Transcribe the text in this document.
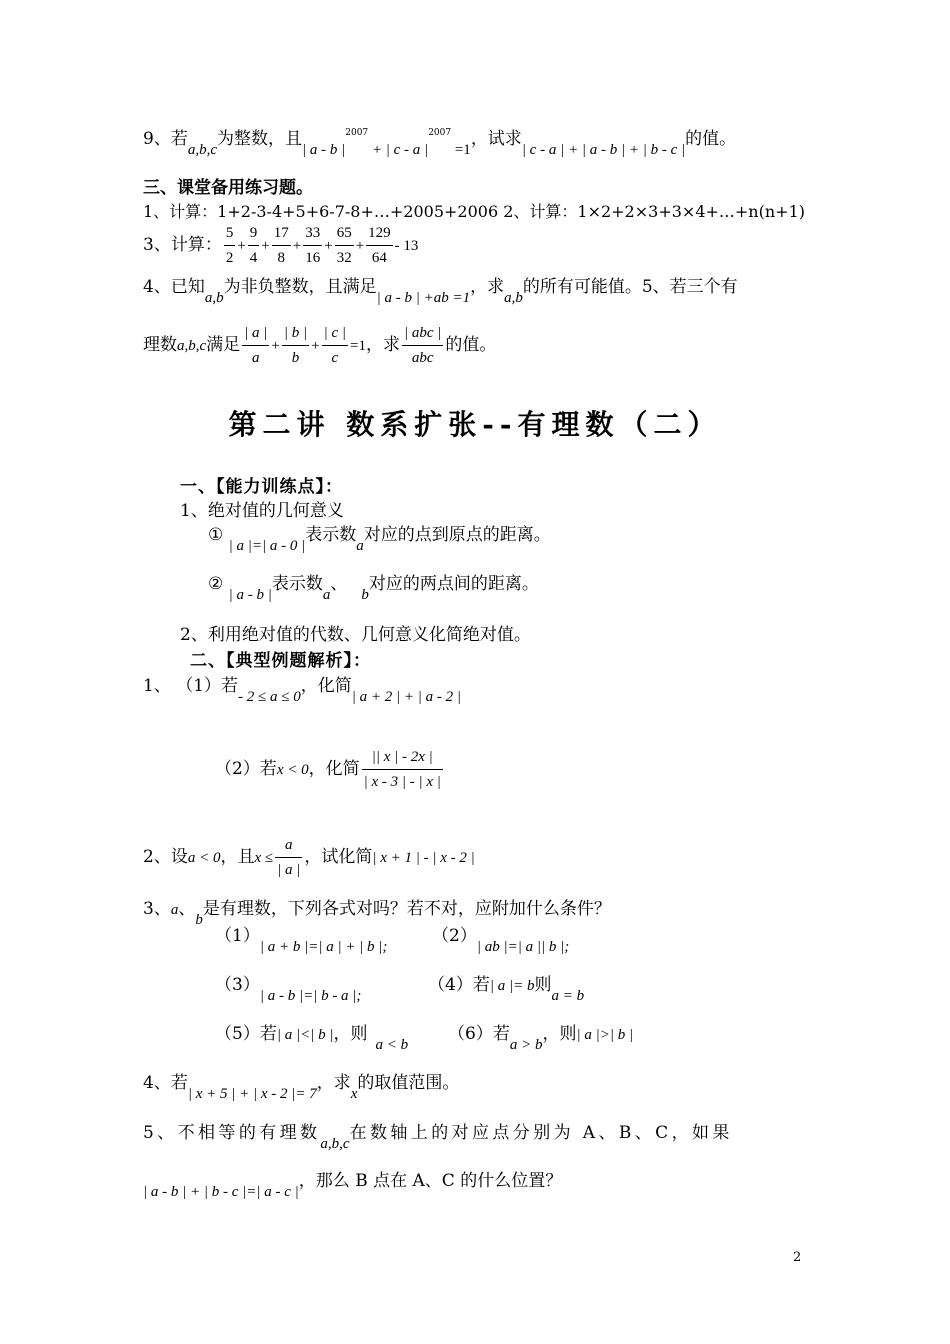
9、若a,b,c为整数，且| a - b $|^{2007}$ + | c - a $|^{2007} =1$，试求| c - a | + | a - b | + | b - c |的值。
三、课堂备用练习题。
1、计算：1+2-3-4+5+6-7-8+…+2005+2006 2、计算：1×2+2×3+3×4+…+n(n+1)
3、计算： $\frac{5}{2} + \frac{9}{4} + \frac{17}{8} + \frac{33}{16} + \frac{65}{32} + \frac{129}{64} - 13$
4、已知a,b为非负整数，且满足| a - b | +ab =1，求a,b的所有可能值。5、若三个有
理数a,b,c满足 $\frac{| a |}{a} + \frac{| b |}{b} + \frac{| c |}{c} =1$，求 $\frac{\text{| abc |}}{\text{abc}}$ 的值。
第二讲 数系扩张--有理数（二）
一、【能力训练点】：
1、绝对值的几何意义
① | a |=| a - 0 |表示数a对应的点到原点的距离。
② | a - b |表示数a、b对应的两点间的距离。
2、利用绝对值的代数、几何意义化简绝对值。
二、【典型例题解析】：
1、 （1）若- 2 ≤ a ≤ 0，化简| a + 2 | + | a - 2 |
（2）若x < 0，化简 $\frac{|| x | - 2x |}{| x - 3 | - | x |}$
2、设a < 0，且$x \le \frac{a}{| a |}$ ，试化简| x + 1 | - | x - 2 |
3、a、b是有理数，下列各式对吗？若不对，应附加什么条件？
（1）| a + b |=| a | + | b |;
（2）| ab |=| a || b |;
（3）| a - b |=| b - a |;
（4）若| a |= b则a = b
（5）若| a |<| b |，则a < b
（6）若a > b，则| a |>| b |
4、若| x + 5 | + | x - 2 |= 7，求x的取值范围。
5、不相等的有理数a,b,c在数轴上的对应点分别为 A、B、C，如果
| a - b | + | b - c |=| a - c |，那么 B 点在 A、C 的什么位置？
2
